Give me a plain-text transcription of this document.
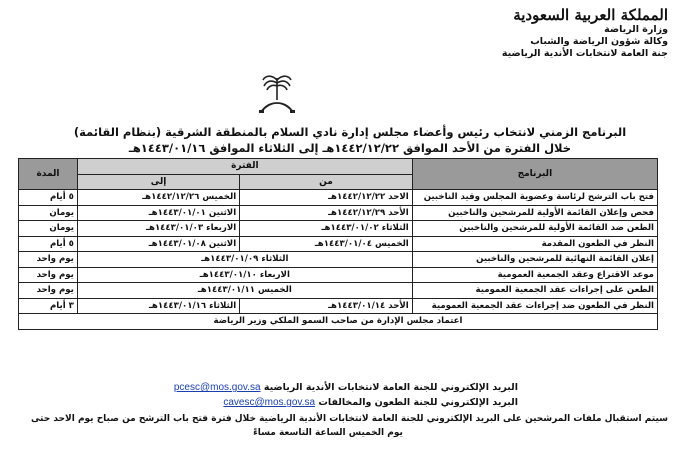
المملكة العربية السعودية
وزارة الرياضة
وكالة شؤون الرياضة والشباب
جنة العامة لانتخابات الأندية الرياضية
البرنامج الزمني لانتخاب رئيس وأعضاء مجلس إدارة نادي السلام بالمنطقة الشرقية (بنظام القائمة)
خلال الفترة من الأحد الموافق ١٤٤٢/١٢/٢٢هـ إلى الثلاثاء الموافق ١٤٤٣/٠١/١٦هـ
البرنامج	الفترة		المدة
	من	إلى	
فتح باب الترشح لرئاسة وعضوية المجلس وقيد الناخبين	الاحد ١٤٤٢/١٢/٢٢هـ	الخميس ١٤٤٢/١٢/٢٦هـ	٥ أيام
فحص وإعلان القائمة الأولية للمرشحين والناخبين	الأحد ١٤٤٢/١٢/٢٩هـ	الاثنين ١٤٤٣/٠١/٠١هـ	يومان
الطعن ضد القائمة الأولية للمرشحين والناخبين	الثلاثاء ١٤٤٣/٠١/٠٢هـ	الاربعاء ١٤٤٣/٠١/٠٣هـ	يومان
النظر في الطعون المقدمة	الخميس ١٤٤٣/٠١/٠٤هـ	الاثنين ١٤٤٣/٠١/٠٨هـ	٥ أيام
إعلان القائمة النهائية للمرشحين والناخبين	الثلاثاء ١٤٤٣/٠١/٠٩هـ		يوم واحد
موعد الاقتراع وعقد الجمعية العمومية	الاربعاء ١٤٤٣/٠١/١٠هـ		يوم واحد
الطعن على إجراءات عقد الجمعية العمومية	الخميس ١٤٤٣/٠١/١١هـ		يوم واحد
النظر في الطعون ضد إجراءات عقد الجمعية العمومية	الأحد ١٤٤٣/٠١/١٤هـ	الثلاثاء ١٤٤٣/٠١/١٦هـ	٣ أيام
اعتماد مجلس الإدارة من صاحب السمو الملكي وزير الرياضة			
البريد الإلكتروني للجنة العامة لانتخابات الأندية الرياضية pcesc@mos.gov.sa
البريد الإلكتروني للجنة الطعون والمخالفات cavesc@mos.gov.sa
سيتم استقبال ملفات المرشحين على البريد الإلكتروني للجنة العامة لانتخابات الأندية الرياضية خلال فترة فتح باب الترشح من صباح يوم الاحد حتى
يوم الخميس الساعة التاسعة مساءً
